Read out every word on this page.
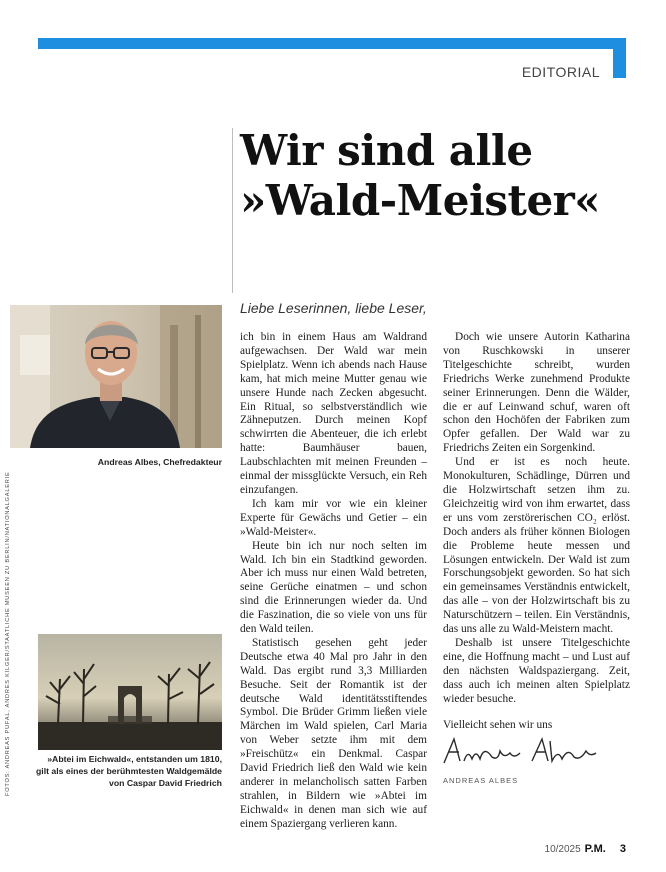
EDITORIAL
Wir sind alle
»Wald-Meister«

Liebe Leserinnen, liebe Leser,

Andreas Albes, Chefredakteur

»Abtei im Eichwald«, entstanden um 1810,
gilt als eines der berühmtesten Waldgemälde
von Caspar David Friedrich

FOTOS: ANDREAS PUFAL, ANDRES KILGER/STAATLICHE MUSEEN ZU BERLIN/NATIONALGALERIE

ich bin in einem Haus am Waldrand aufgewachsen. Der Wald war mein Spielplatz. Wenn ich abends nach Hause kam, hat mich meine Mutter genau wie unsere Hunde nach Zecken abgesucht. Ein Ritual, so selbstverständlich wie Zähneputzen. Durch meinen Kopf schwirrten die Abenteuer, die ich erlebt hatte: Baumhäuser bauen, Laubschlachten mit meinen Freunden – einmal der missglückte Versuch, ein Reh einzufangen.

Ich kam mir vor wie ein kleiner Experte für Gewächs und Getier – ein »Wald-Meister«.

Heute bin ich nur noch selten im Wald. Ich bin ein Stadtkind geworden. Aber ich muss nur einen Wald betreten, seine Gerüche einatmen – und schon sind die Erinnerungen wieder da. Und die Faszination, die so viele von uns für den Wald teilen.

Statistisch gesehen geht jeder Deutsche etwa 40 Mal pro Jahr in den Wald. Das ergibt rund 3,3 Milliarden Besuche. Seit der Romantik ist der deutsche Wald identitätsstiftendes Symbol. Die Brüder Grimm ließen viele Märchen im Wald spielen, Carl Maria von Weber setzte ihm mit dem »Freischütz« ein Denkmal. Caspar David Friedrich ließ den Wald wie kein anderer in melancholisch satten Farben strahlen, in Bildern wie »Abtei im Eichwald« in denen man sich wie auf einem Spaziergang verlieren kann.

Doch wie unsere Autorin Katharina von Ruschkowski in unserer Titelgeschichte schreibt, wurden Friedrichs Werke zunehmend Produkte seiner Erinnerungen. Denn die Wälder, die er auf Leinwand schuf, waren oft schon den Hochöfen der Fabriken zum Opfer gefallen. Der Wald war zu Friedrichs Zeiten ein Sorgenkind.

Und er ist es noch heute. Monokulturen, Schädlinge, Dürren und die Holzwirtschaft setzen ihm zu. Gleichzeitig wird von ihm erwartet, dass er uns vom zerstörerischen CO₂ erlöst. Doch anders als früher können Biologen die Probleme heute messen und Lösungen entwickeln. Der Wald ist zum Forschungsobjekt geworden. So hat sich ein gemeinsames Verständnis entwickelt, das alle – von der Holzwirtschaft bis zu Naturschützern – teilen. Ein Verständnis, das uns alle zu Wald-Meistern macht.

Deshalb ist unsere Titelgeschichte eine, die Hoffnung macht – und Lust auf den nächsten Waldspaziergang. Zeit, dass auch ich meinen alten Spielplatz wieder besuche.

Vielleicht sehen wir uns

ANDREAS ALBES

10/2025 P.M. 3
